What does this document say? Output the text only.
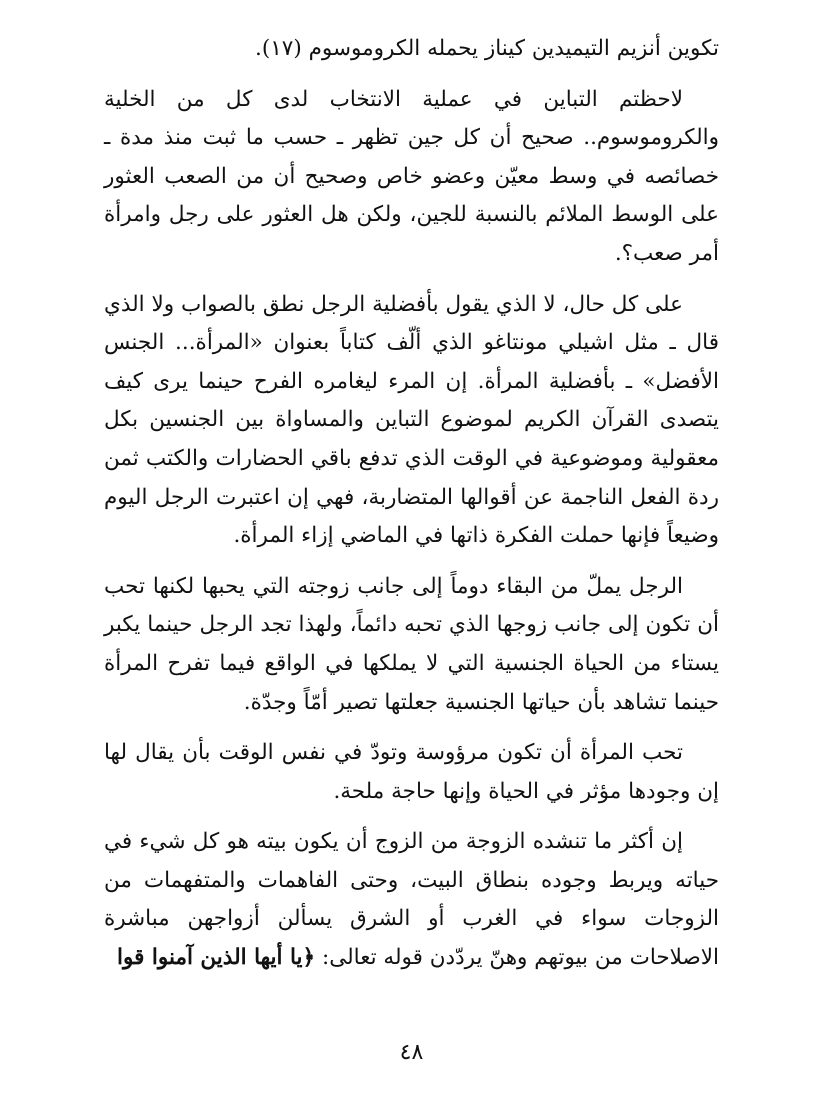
تكوين أنزيم التيميدين كيناز يحمله الكروموسوم (١٧).

لاحظتم التباين في عملية الانتخاب لدى كل من الخلية والكروموسوم.. صحيح أن كل جين تظهر ـ حسب ما ثبت منذ مدة ـ خصائصه في وسط معيّن وعضو خاص وصحيح أن من الصعب العثور على الوسط الملائم بالنسبة للجين، ولكن هل العثور على رجل وامرأة أمر صعب؟.

على كل حال، لا الذي يقول بأفضلية الرجل نطق بالصواب ولا الذي قال ـ مثل اشيلي مونتاغو الذي ألّف كتاباً بعنوان «المرأة... الجنس الأفضل» ـ بأفضلية المرأة. إن المرء ليغامره الفرح حينما يرى كيف يتصدى القرآن الكريم لموضوع التباين والمساواة بين الجنسين بكل معقولية وموضوعية في الوقت الذي تدفع باقي الحضارات والكتب ثمن ردة الفعل الناجمة عن أقوالها المتضاربة، فهي إن اعتبرت الرجل اليوم وضيعاً فإنها حملت الفكرة ذاتها في الماضي إزاء المرأة.

الرجل يملّ من البقاء دوماً إلى جانب زوجته التي يحبها لكنها تحب أن تكون إلى جانب زوجها الذي تحبه دائماً، ولهذا تجد الرجل حينما يكبر يستاء من الحياة الجنسية التي لا يملكها في الواقع فيما تفرح المرأة حينما تشاهد بأن حياتها الجنسية جعلتها تصير أمّاً وجدّة.

تحب المرأة أن تكون مرؤوسة وتودّ في نفس الوقت بأن يقال لها إن وجودها مؤثر في الحياة وإنها حاجة ملحة.

إن أكثر ما تنشده الزوجة من الزوج أن يكون بيته هو كل شيء في حياته ويربط وجوده بنطاق البيت، وحتى الفاهمات والمتفهمات من الزوجات سواء في الغرب أو الشرق يسألن أزواجهن مباشرة الاصلاحات من بيوتهم وهنّ يردّدن قوله تعالى: ﴿يا أيها الذين آمنوا قوا

٤٨
